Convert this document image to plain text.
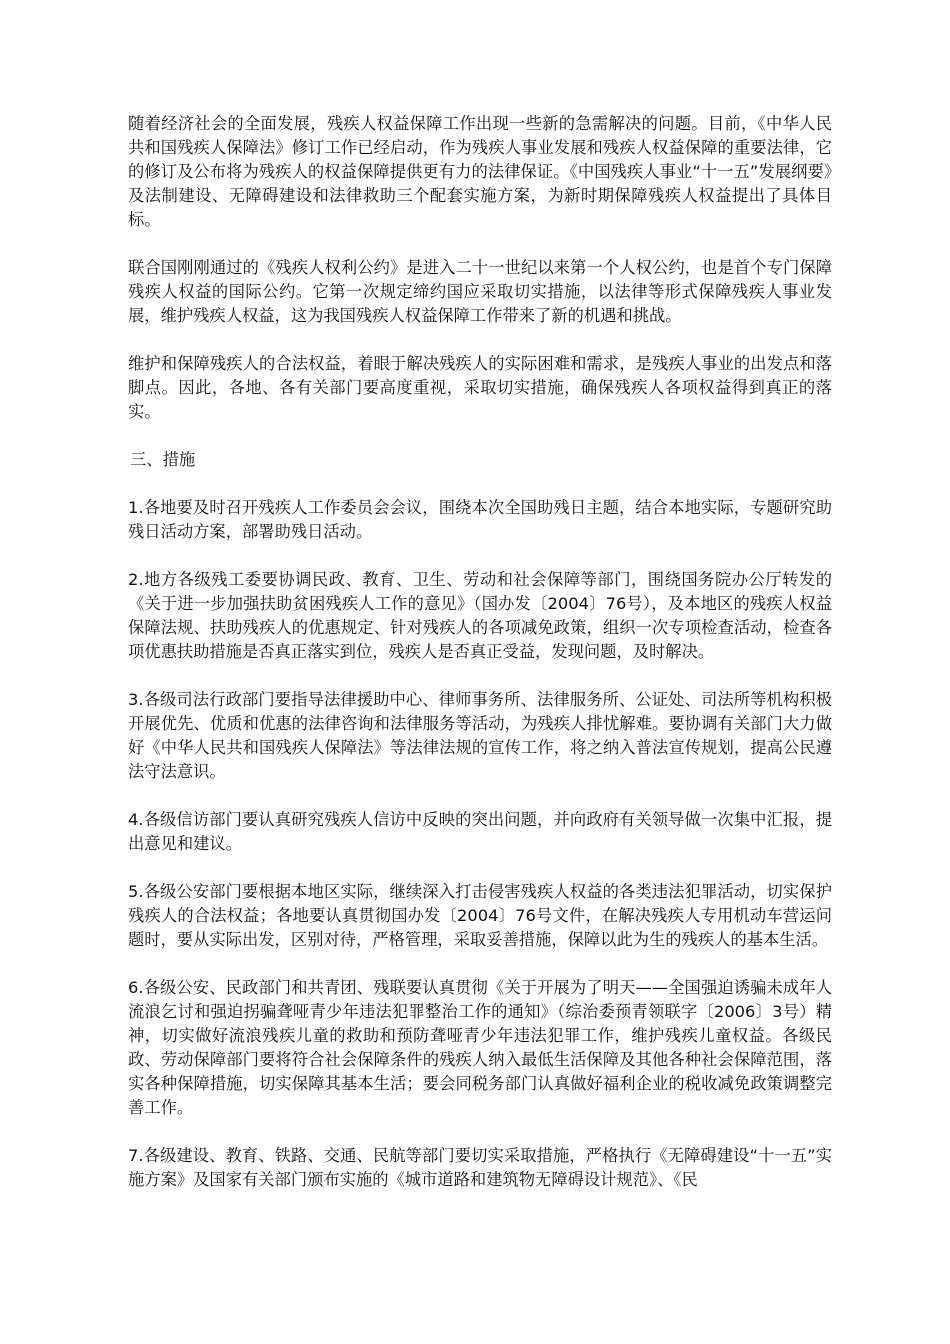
随着经济社会的全面发展，残疾人权益保障工作出现一些新的急需解决的问题。目前，《中华人民共和国残疾人保障法》修订工作已经启动，作为残疾人事业发展和残疾人权益保障的重要法律，它的修订及公布将为残疾人的权益保障提供更有力的法律保证。《中国残疾人事业“十一五”发展纲要》及法制建设、无障碍建设和法律救助三个配套实施方案，为新时期保障残疾人权益提出了具体目标。

联合国刚刚通过的《残疾人权利公约》是进入二十一世纪以来第一个人权公约，也是首个专门保障残疾人权益的国际公约。它第一次规定缔约国应采取切实措施，以法律等形式保障残疾人事业发展，维护残疾人权益，这为我国残疾人权益保障工作带来了新的机遇和挑战。

维护和保障残疾人的合法权益，着眼于解决残疾人的实际困难和需求，是残疾人事业的出发点和落脚点。因此，各地、各有关部门要高度重视，采取切实措施，确保残疾人各项权益得到真正的落实。

三、措施

1.各地要及时召开残疾人工作委员会会议，围绕本次全国助残日主题，结合本地实际，专题研究助残日活动方案，部署助残日活动。

2.地方各级残工委要协调民政、教育、卫生、劳动和社会保障等部门，围绕国务院办公厅转发的《关于进一步加强扶助贫困残疾人工作的意见》（国办发〔2004〕76号），及本地区的残疾人权益保障法规、扶助残疾人的优惠规定、针对残疾人的各项减免政策，组织一次专项检查活动，检查各项优惠扶助措施是否真正落实到位，残疾人是否真正受益，发现问题，及时解决。

3.各级司法行政部门要指导法律援助中心、律师事务所、法律服务所、公证处、司法所等机构积极开展优先、优质和优惠的法律咨询和法律服务等活动，为残疾人排忧解难。要协调有关部门大力做好《中华人民共和国残疾人保障法》等法律法规的宣传工作，将之纳入普法宣传规划，提高公民遵法守法意识。

4.各级信访部门要认真研究残疾人信访中反映的突出问题，并向政府有关领导做一次集中汇报，提出意见和建议。

5.各级公安部门要根据本地区实际，继续深入打击侵害残疾人权益的各类违法犯罪活动，切实保护残疾人的合法权益；各地要认真贯彻国办发〔2004〕76号文件，在解决残疾人专用机动车营运问题时，要从实际出发，区别对待，严格管理，采取妥善措施，保障以此为生的残疾人的基本生活。

6.各级公安、民政部门和共青团、残联要认真贯彻《关于开展为了明天——全国强迫诱骗未成年人流浪乞讨和强迫拐骗聋哑青少年违法犯罪整治工作的通知》（综治委预青领联字〔2006〕3号）精神，切实做好流浪残疾儿童的救助和预防聋哑青少年违法犯罪工作，维护残疾儿童权益。各级民政、劳动保障部门要将符合社会保障条件的残疾人纳入最低生活保障及其他各种社会保障范围，落实各种保障措施，切实保障其基本生活；要会同税务部门认真做好福利企业的税收减免政策调整完善工作。

7.各级建设、教育、铁路、交通、民航等部门要切实采取措施，严格执行《无障碍建设“十一五”实施方案》及国家有关部门颁布实施的《城市道路和建筑物无障碍设计规范》、《民
